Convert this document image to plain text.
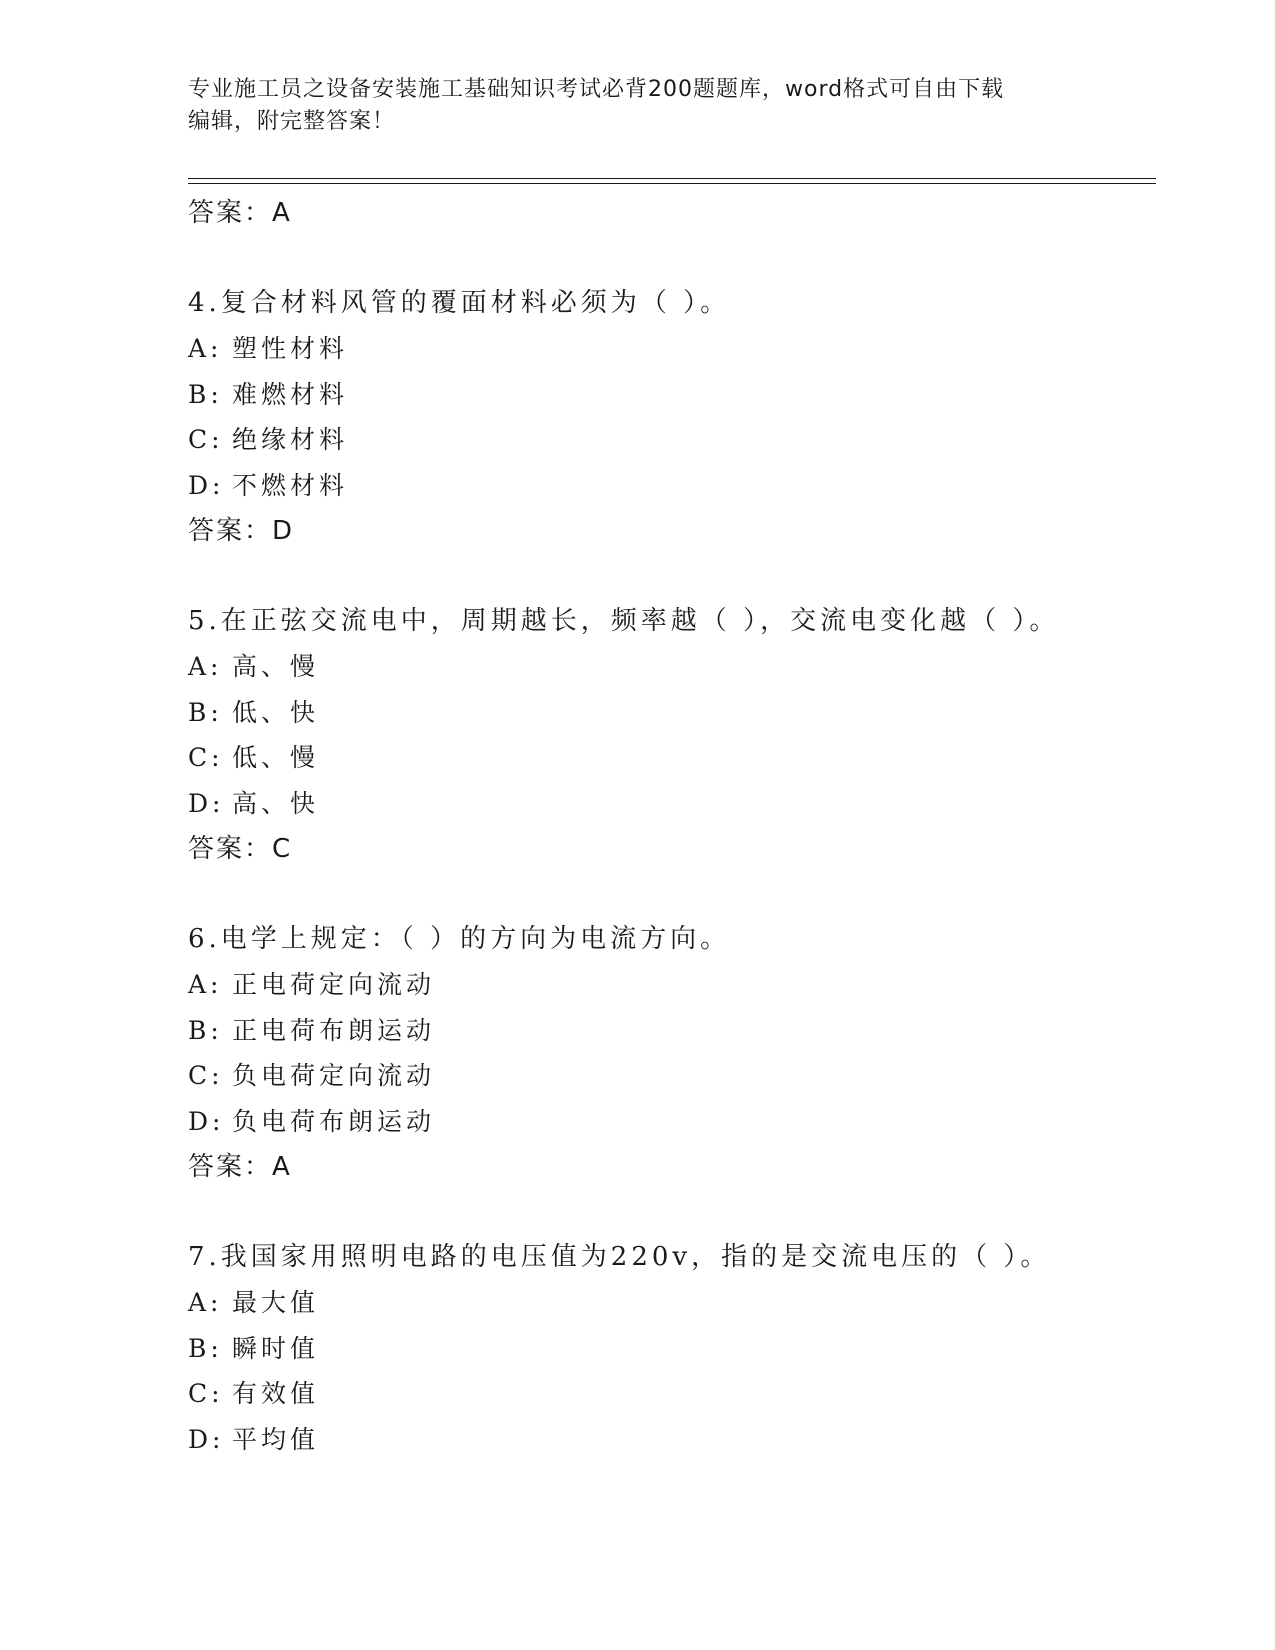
专业施工员之设备安装施工基础知识考试必背200题题库，word格式可自由下载
编辑，附完整答案！
答案：A
4.复合材料风管的覆面材料必须为（ ）。
A: 塑性材料
B: 难燃材料
C: 绝缘材料
D: 不燃材料
答案：D
5.在正弦交流电中，周期越长，频率越（ ），交流电变化越（ ）。
A: 高、慢
B: 低、快
C: 低、慢
D: 高、快
答案：C
6.电学上规定：（ ）的方向为电流方向。
A: 正电荷定向流动
B: 正电荷布朗运动
C: 负电荷定向流动
D: 负电荷布朗运动
答案：A
7.我国家用照明电路的电压值为220v，指的是交流电压的（ ）。
A: 最大值
B: 瞬时值
C: 有效值
D: 平均值
